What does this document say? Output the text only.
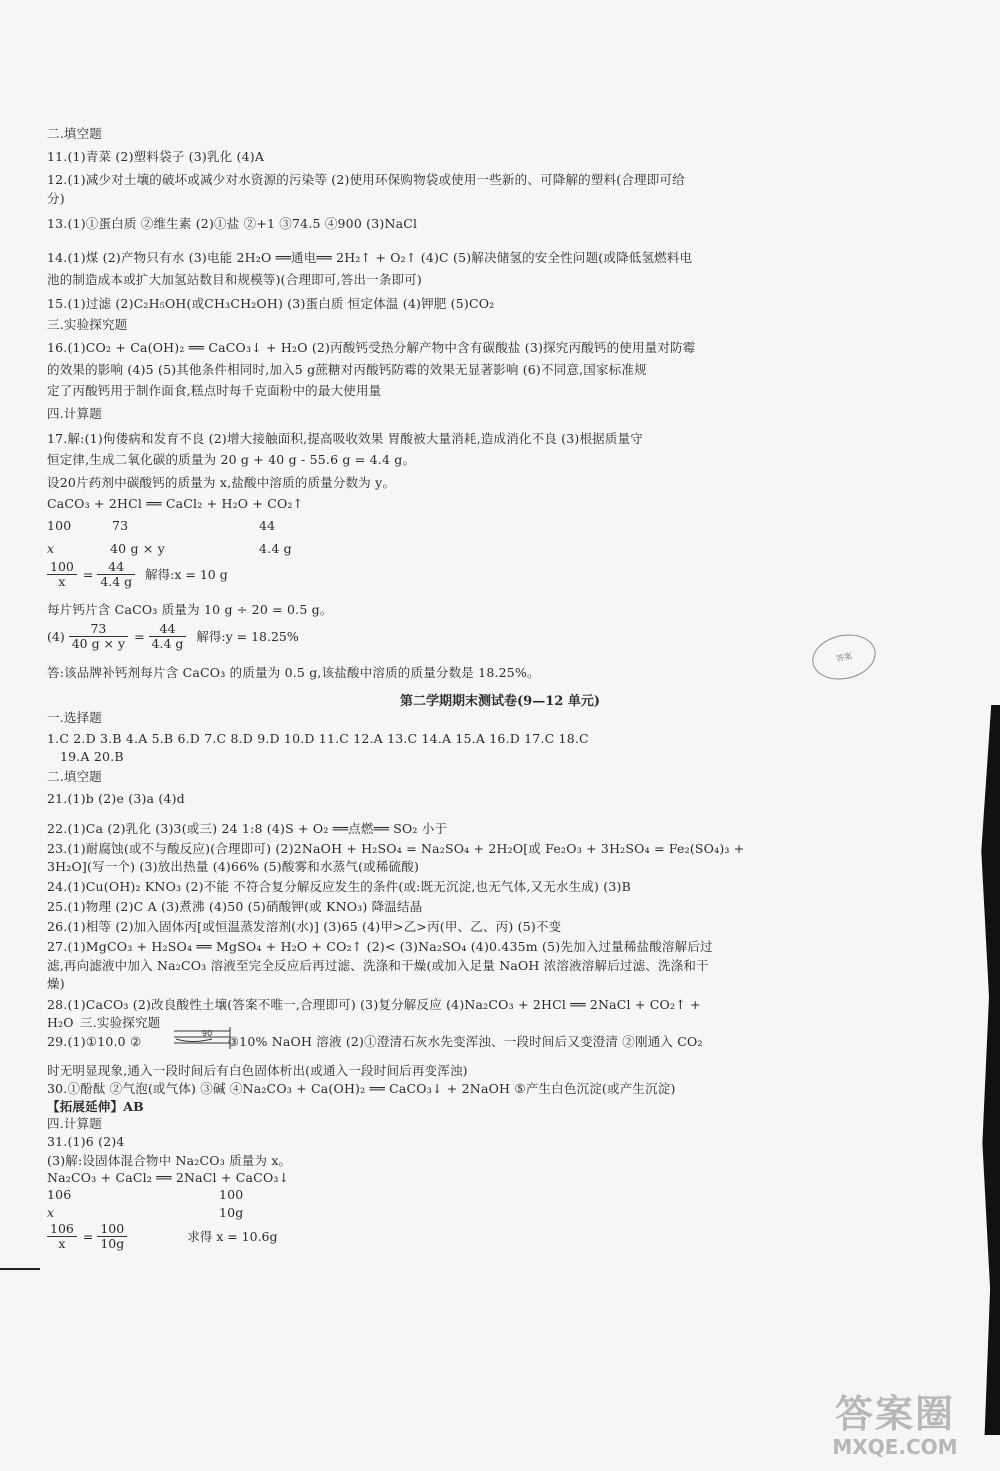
二.填空题
11.(1)青菜 (2)塑料袋子 (3)乳化 (4)A
12.(1)减少对土壤的破坏或减少对水资源的污染等 (2)使用环保购物袋或使用一些新的、可降解的塑料(合理即可给
分)
13.(1)①蛋白质 ②维生素 (2)①盐 ②+1 ③74.5 ④900 (3)NaCl
14.(1)煤 (2)产物只有水 (3)电能 2H₂O ══通电══ 2H₂↑ + O₂↑ (4)C (5)解决储氢的安全性问题(或降低氢燃料电
池的制造成本或扩大加氢站数目和规模等)(合理即可,答出一条即可)
15.(1)过滤 (2)C₂H₅OH(或CH₃CH₂OH) (3)蛋白质 恒定体温 (4)钾肥 (5)CO₂
三.实验探究题
16.(1)CO₂ + Ca(OH)₂ ══ CaCO₃↓ + H₂O (2)丙酸钙受热分解产物中含有碳酸盐 (3)探究丙酸钙的使用量对防霉
的效果的影响 (4)5 (5)其他条件相同时,加入5 g蔗糖对丙酸钙防霉的效果无显著影响 (6)不同意,国家标准规
定了丙酸钙用于制作面食,糕点时每千克面粉中的最大使用量
四.计算题
17.解:(1)佝偻病和发育不良 (2)增大接触面积,提高吸收效果 胃酸被大量消耗,造成消化不良 (3)根据质量守
恒定律,生成二氧化碳的质量为 20 g + 40 g - 55.6 g = 4.4 g。
设20片药剂中碳酸钙的质量为 x,盐酸中溶质的质量分数为 y。
CaCO₃ + 2HCl ══ CaCl₂ + H₂O + CO₂↑
100	73	44
x	40 g × y	4.4 g
$\frac{100}{x} = \frac{44}{4.4 g}$ 解得:x = 10 g
每片钙片含 CaCO₃ 质量为 10 g ÷ 20 = 0.5 g。
$(4) \frac{73}{40 g \times y} = \frac{44}{4.4 g}$ 解得:y = 18.25%
答:该品牌补钙剂每片含 CaCO₃ 的质量为 0.5 g,该盐酸中溶质的质量分数是 18.25%。
第二学期期末测试卷(9—12 单元)
一.选择题
1.C 2.D 3.B 4.A 5.B 6.D 7.C 8.D 9.D 10.D 11.C 12.A 13.C 14.A 15.A 16.D 17.C 18.C
19.A 20.B
二.填空题
21.(1)b (2)e (3)a (4)d
22.(1)Ca (2)乳化 (3)3(或三) 24 1:8 (4)S + O₂ ══点燃══ SO₂ 小于
23.(1)耐腐蚀(或不与酸反应)(合理即可) (2)2NaOH + H₂SO₄ = Na₂SO₄ + 2H₂O[或 Fe₂O₃ + 3H₂SO₄ = Fe₂(SO₄)₃ +
3H₂O](写一个) (3)放出热量 (4)66% (5)酸雾和水蒸气(或稀硫酸)
24.(1)Cu(OH)₂ KNO₃ (2)不能 不符合复分解反应发生的条件(或:既无沉淀,也无气体,又无水生成) (3)B
25.(1)物理 (2)C A (3)煮沸 (4)50 (5)硝酸钾(或 KNO₃) 降温结晶
26.(1)相等 (2)加入固体丙[或恒温蒸发溶剂(水)] (3)65 (4)甲>乙>丙(甲、乙、丙) (5)不变
27.(1)MgCO₃ + H₂SO₄ ══ MgSO₄ + H₂O + CO₂↑ (2)< (3)Na₂SO₄ (4)0.435m (5)先加入过量稀盐酸溶解后过
滤,再向滤液中加入 Na₂CO₃ 溶液至完全反应后再过滤、洗涤和干燥(或加入足量 NaOH 浓溶液溶解后过滤、洗涤和干
燥)
28.(1)CaCO₃ (2)改良酸性土壤(答案不唯一,合理即可) (3)复分解反应 (4)Na₂CO₃ + 2HCl ══ 2NaCl + CO₂↑ +
H₂O 三.实验探究题
29.(1)①10.0 ②	③10% NaOH 溶液 (2)①澄清石灰水先变浑浊、一段时间后又变澄清 ②刚通入 CO₂
90
时无明显现象,通入一段时间后有白色固体析出(或通入一段时间后再变浑浊)
30.①酚酞 ②气泡(或气体) ③碱 ④Na₂CO₃ + Ca(OH)₂ ══ CaCO₃↓ + 2NaOH ⑤产生白色沉淀(或产生沉淀)
【拓展延伸】AB
四.计算题
31.(1)6 (2)4
(3)解:设固体混合物中 Na₂CO₃ 质量为 x。
Na₂CO₃ + CaCl₂ ══ 2NaCl + CaCO₃↓
106	100
x	10g
$\frac{106}{x} = \frac{100}{10g}$	求得 x = 10.6g
答案
答案圈
MXQE.COM
